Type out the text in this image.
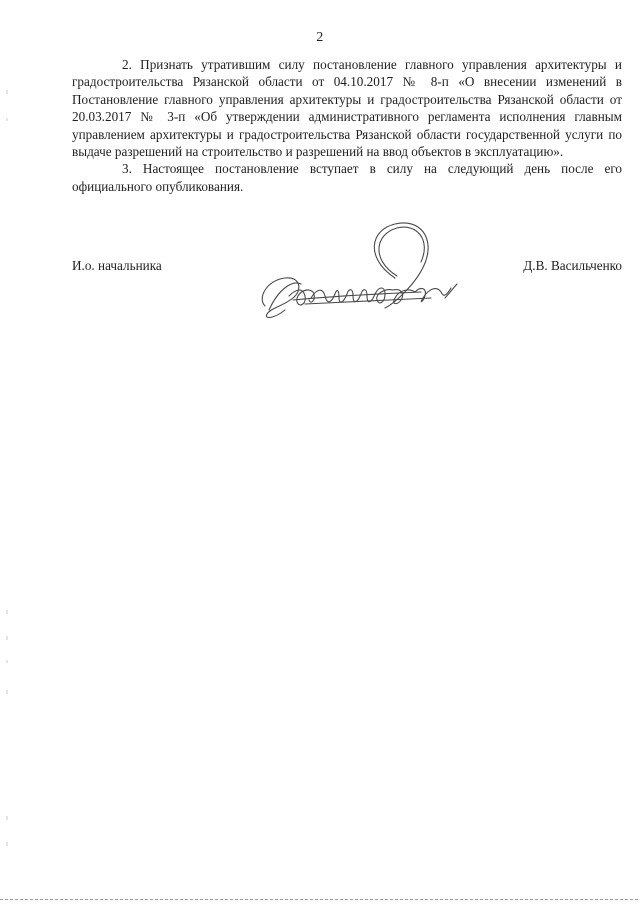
2

2. Признать утратившим силу постановление главного управления архитектуры и градостроительства Рязанской области от 04.10.2017 № 8-п «О внесении изменений в Постановление главного управления архитектуры и градостроительства Рязанской области от 20.03.2017 № 3-п «Об утверждении административного регламента исполнения главным управлением архитектуры и градостроительства Рязанской области государственной услуги по выдаче разрешений на строительство и разрешений на ввод объектов в эксплуатацию».

3. Настоящее постановление вступает в силу на следующий день после его официального опубликования.

И.о. начальника	Д.В. Васильченко
